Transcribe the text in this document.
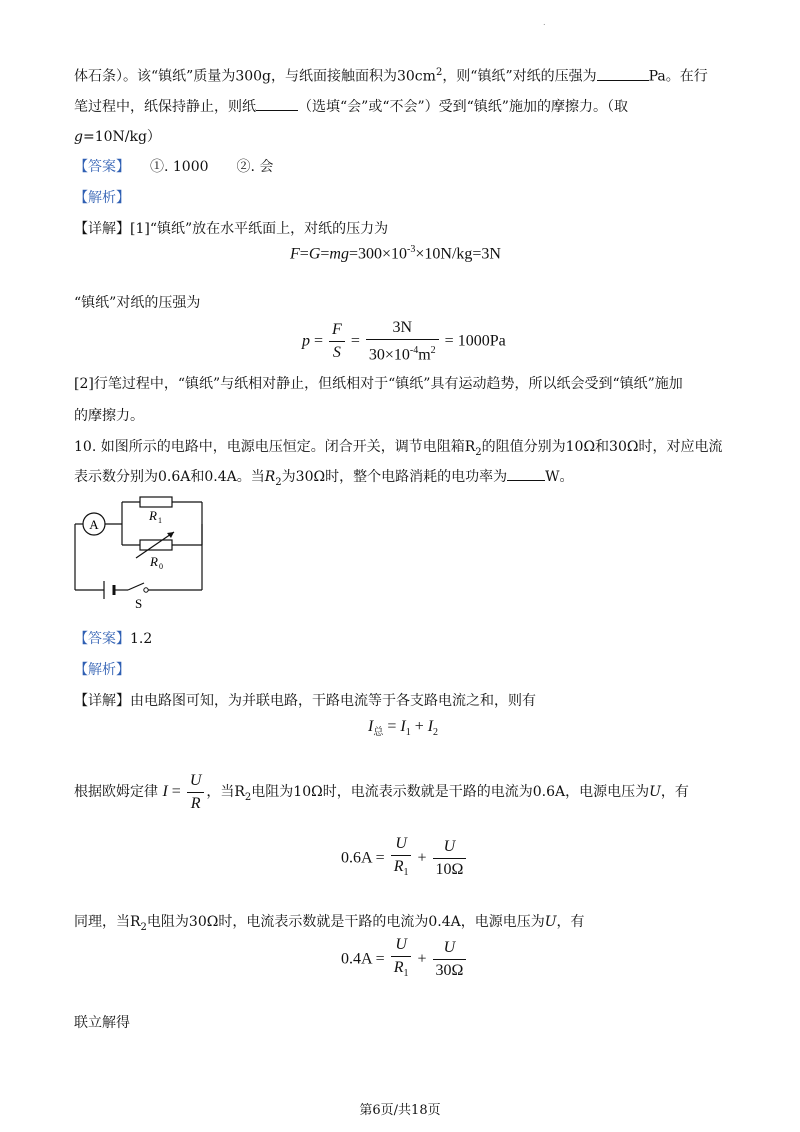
.
体石条）。该“镇纸”质量为300g，与纸面接触面积为$30cm^2$，则“镇纸”对纸的压强为	Pa。在行
笔过程中，纸保持静止，则纸	（选填“会”或“不会”）受到“镇纸”施加的摩擦力。（取
g=10N/kg）
【答案】 ①. 1000　　②. 会
【解析】
【详解】[1]“镇纸”放在水平纸面上，对纸的压力为
$F=G=mg=300\times 10^{-3}\times 10N/kg=3N$
“镇纸”对纸的压强为
$p = \frac{F}{S} = \frac{3N}{30\times 10^{-4}m^2} = 1000Pa$
[2]行笔过程中，“镇纸”与纸相对静止，但纸相对于“镇纸”具有运动趋势，所以纸会受到“镇纸”施加
的摩擦力。
10. 如图所示的电路中，电源电压恒定。闭合开关，调节电阻箱$R_2$的阻值分别为10Ω和30Ω时，对应电流
表示数分别为0.6A和0.4A。当$R_2$为30Ω时，整个电路消耗的电功率为	W。
A
R 1
R 0
S
【答案】1.2
【解析】
【详解】由电路图可知，为并联电路，干路电流等于各支路电流之和，则有
$I_总 = I_1 + I_2$
根据欧姆定律 $I = \frac{U}{R}$ ，当$R_2$电阻为10Ω时，电流表示数就是干路的电流为0.6A，电源电压为U，有
$0.6A = \frac{U}{R_1} + \frac{U}{10\Omega}$
同理，当$R_2$电阻为30Ω时，电流表示数就是干路的电流为0.4A，电源电压为U，有
$0.4A = \frac{U}{R_1} + \frac{U}{30\Omega}$
联立解得
第6页/共18页
